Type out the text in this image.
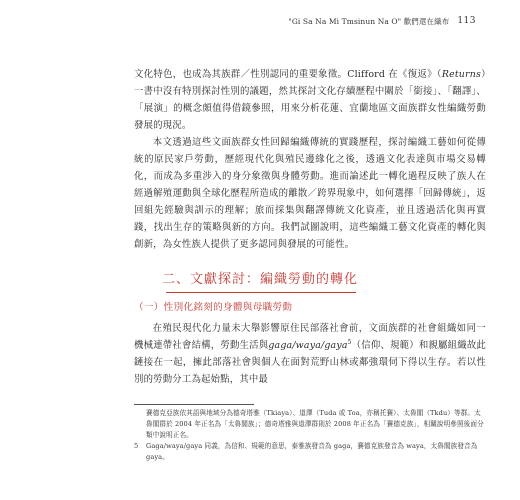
"Gi Sa Na Mi Tmsinun Na O" 歡們還在織布 113

文化特色，也成為其族群／性別認同的重要象徵。Clifford 在《復返》（Returns）一書中沒有特別探討性別的議題，然其探討文化存續歷程中關於「銜接」、「翻譯」、「展演」的概念頗值得借鏡參照，用來分析花蓮、宜蘭地區文面族群女性編織勞動發展的現況。

本文透過這些文面族群女性回歸編織傳統的實踐歷程，探討編織工藝如何從傳統的原民家戶勞動，歷經現代化與殖民邊緣化之後，透過文化表達與市場交易轉化，而成為多重涉入的身分象徵與身體勞動。進而論述此一轉化過程反映了族人在經過解殖運動與全球化歷程所造成的離散／跨界現象中，如何選擇「回歸傳統」，返回組先經驗與訓示的理解；旅而採集與翻譯傳統文化資產，並且透過活化與再實踐，找出生存的策略與新的方向。我們試圖說明，這些編織工藝文化資產的轉化與創新，為女性族人提供了更多認同與發展的可能性。

二、文獻探討：編織勞動的轉化
（一）性別化銘刻的身體與母職勞動

在殖民現代化力量未大舉影響原住民部落社會前，文面族群的社會組織如同一機械連帶社會結構，勞動生活與gaga/waya/gaya$^5$（信仰、規範）和親屬組織故此鏈接在一起，擁此部落社會與個人在面對荒野山林或鄰強環伺下得以生存。若以性別的勞動分工為起始點，其中最

賽德克亞族依其語與地域分為德奇塔雅（Tkiaya）、道澤（Tuda 或 Toa，亦稱托賽）、太魯閣（Tkdu）等群。太魯閣群於 2004 年正名為「太魯閣族」；德奇塔雅與道澤群則於 2008 年正名為「賽德克族」，相關說明參照後面分類中說明正名。
5 Gaga/waya/gaya 同義，為信和、規範的意思，泰雅族發音為 gaga，賽德克族發音為 waya，太魯閣族發音為 gaya。
